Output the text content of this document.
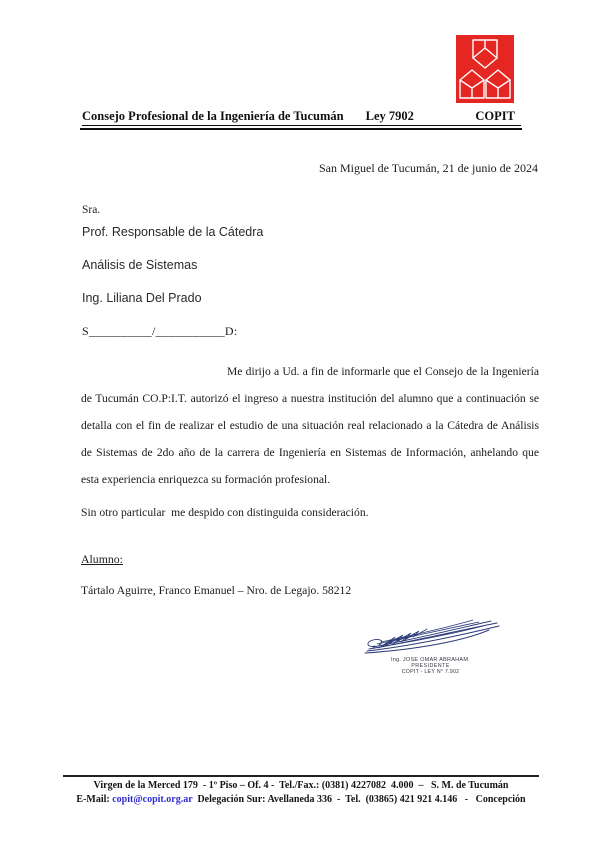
Consejo Profesional de la Ingeniería de Tucumán Ley 7902	COPIT
San Miguel de Tucumán, 21 de junio de 2024
Sra.
Prof. Responsable de la Cátedra
Análisis de Sistemas
Ing. Liliana Del Prado
S__________/___________D:
Me dirijo a Ud. a fin de informarle que el Consejo de la Ingeniería de Tucumán CO.P:I.T. autorizó el ingreso a nuestra institución del alumno que a continuación se detalla con el fin de realizar el estudio de una situación real relacionado a la Cátedra de Análisis de Sistemas de 2do año de la carrera de Ingeniería en Sistemas de Información, anhelando que esta experiencia enriquezca su formación profesional.
Sin otro particular  me despido con distinguida consideración.
Alumno:
Tártalo Aguirre, Franco Emanuel – Nro. de Legajo. 58212
Ing. JOSE OMAR ABRAHAM.
PRESIDENTE
COPIT - LEY N° 7.902
Virgen de la Merced 179  - 1º Piso – Of. 4 -  Tel./Fax.: (0381) 4227082  4.000  –   S. M. de Tucumán
E-Mail: copit@copit.org.ar  Delegación Sur: Avellaneda 336  -  Tel.  (03865) 421 921 4.146   -   Concepción
